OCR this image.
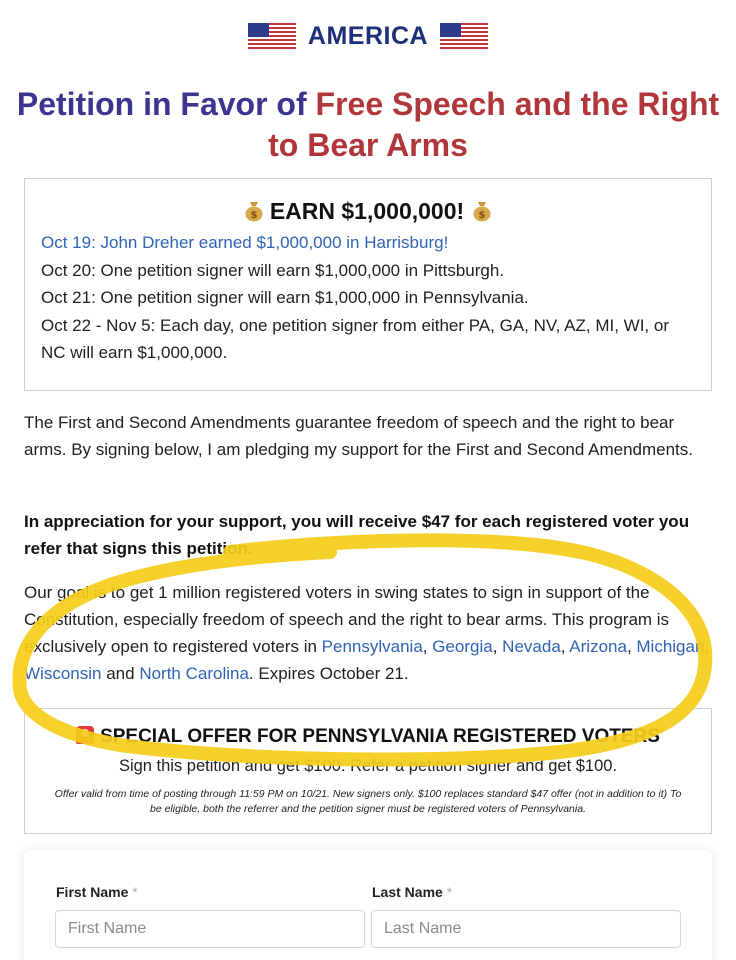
AMERICA
Petition in Favor of Free Speech and the Right to Bear Arms
$ EARN $1,000,000! $
Oct 19: John Dreher earned $1,000,000 in Harrisburg!
Oct 20: One petition signer will earn $1,000,000 in Pittsburgh.
Oct 21: One petition signer will earn $1,000,000 in Pennsylvania.
Oct 22 - Nov 5: Each day, one petition signer from either PA, GA, NV, AZ, MI, WI, or NC will earn $1,000,000.

The First and Second Amendments guarantee freedom of speech and the right to bear arms. By signing below, I am pledging my support for the First and Second Amendments.

In appreciation for your support, you will receive $47 for each registered voter you refer that signs this petition.

Our goal is to get 1 million registered voters in swing states to sign in support of the Constitution, especially freedom of speech and the right to bear arms. This program is exclusively open to registered voters in Pennsylvania, Georgia, Nevada, Arizona, Michigan, Wisconsin and North Carolina. Expires October 21.

SPECIAL OFFER FOR PENNSYLVANIA REGISTERED VOTERS
Sign this petition and get $100. Refer a petition signer and get $100.
Offer valid from time of posting through 11:59 PM on 10/21. New signers only. $100 replaces standard $47 offer (not in addition to it) To be eligible, both the referrer and the petition signer must be registered voters of Pennsylvania.
First Name *	Last Name *
First Name
Last Name
